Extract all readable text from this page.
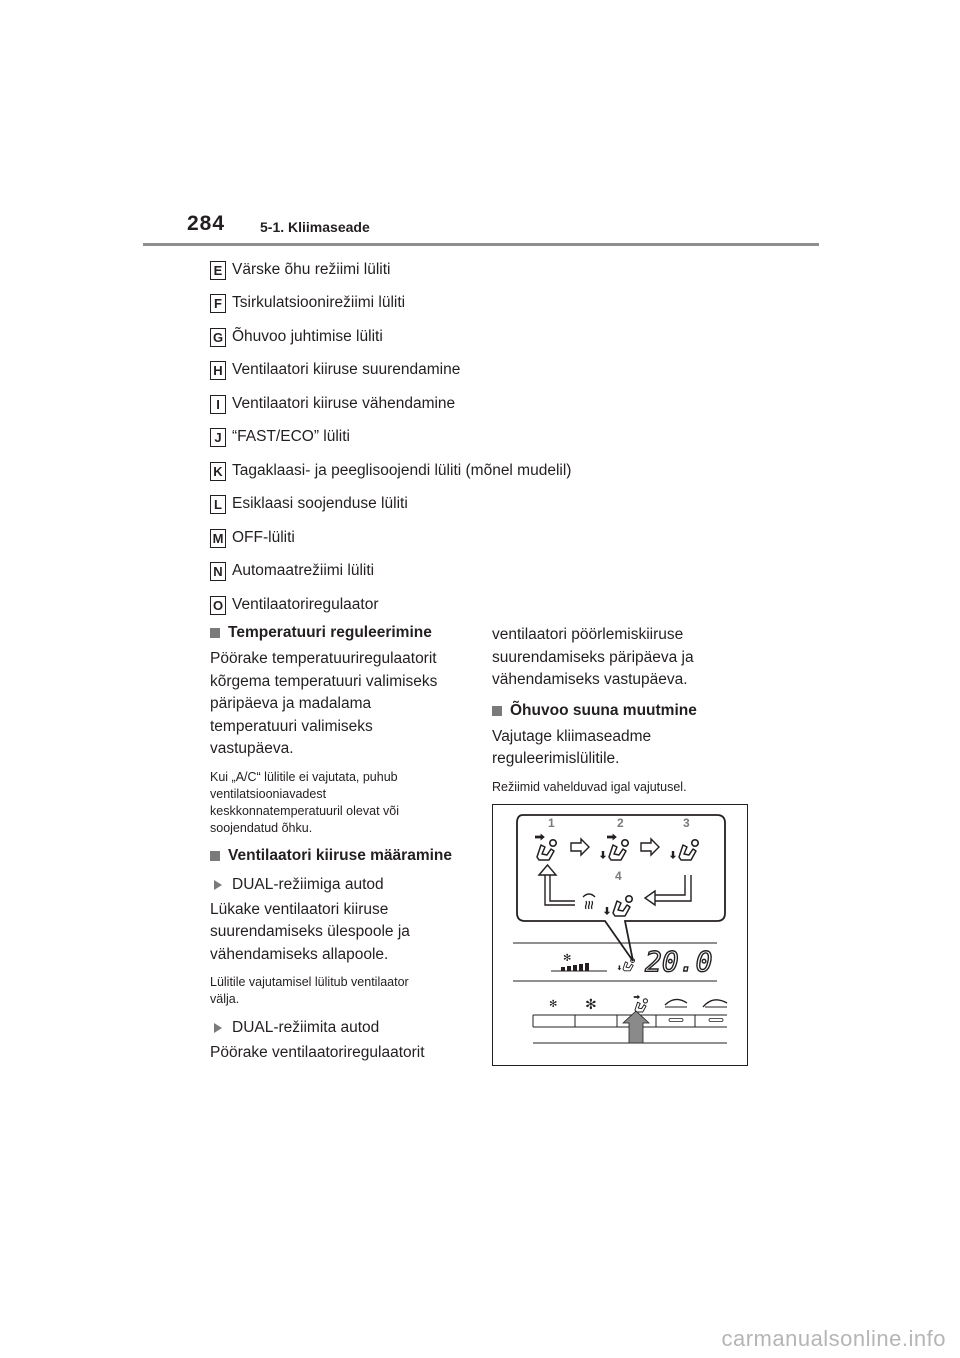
284 5-1. Kliimaseade
E Värske õhu režiimi lüliti
F Tsirkulatsioonirežiimi lüliti
G Õhuvoo juhtimise lüliti
H Ventilaatori kiiruse suurendamine
I Ventilaatori kiiruse vähendamine
J “FAST/ECO” lüliti
K Tagaklaasi- ja peeglisoojendi lüliti (mõnel mudelil)
L Esiklaasi soojenduse lüliti
M OFF-lüliti
N Automaatrežiimi lüliti
O Ventilaatoriregulaator
Temperatuuri reguleerimine
Pöörake temperatuuriregulaatorit
kõrgema temperatuuri valimiseks
päripäeva ja madalama
temperatuuri valimiseks
vastupäeva.
Kui „A/C“ lülitile ei vajutata, puhub
ventilatsiooniavadest
keskkonnatemperatuuril olevat või
soojendatud õhku.
Ventilaatori kiiruse määramine
DUAL-režiimiga autod
Lükake ventilaatori kiiruse
suurendamiseks ülespoole ja
vähendamiseks allapoole.
Lülitile vajutamisel lülitub ventilaator
välja.
DUAL-režiimita autod
Pöörake ventilaatoriregulaatorit
ventilaatori pöörlemiskiiruse
suurendamiseks päripäeva ja
vähendamiseks vastupäeva.
Õhuvoo suuna muutmine
Vajutage kliimaseadme
reguleerimislülitile.
Režiimid vahelduvad igal vajutusel.
1	2	3
4
✻	20.0
✻ ✻
carmanualsonline.info
